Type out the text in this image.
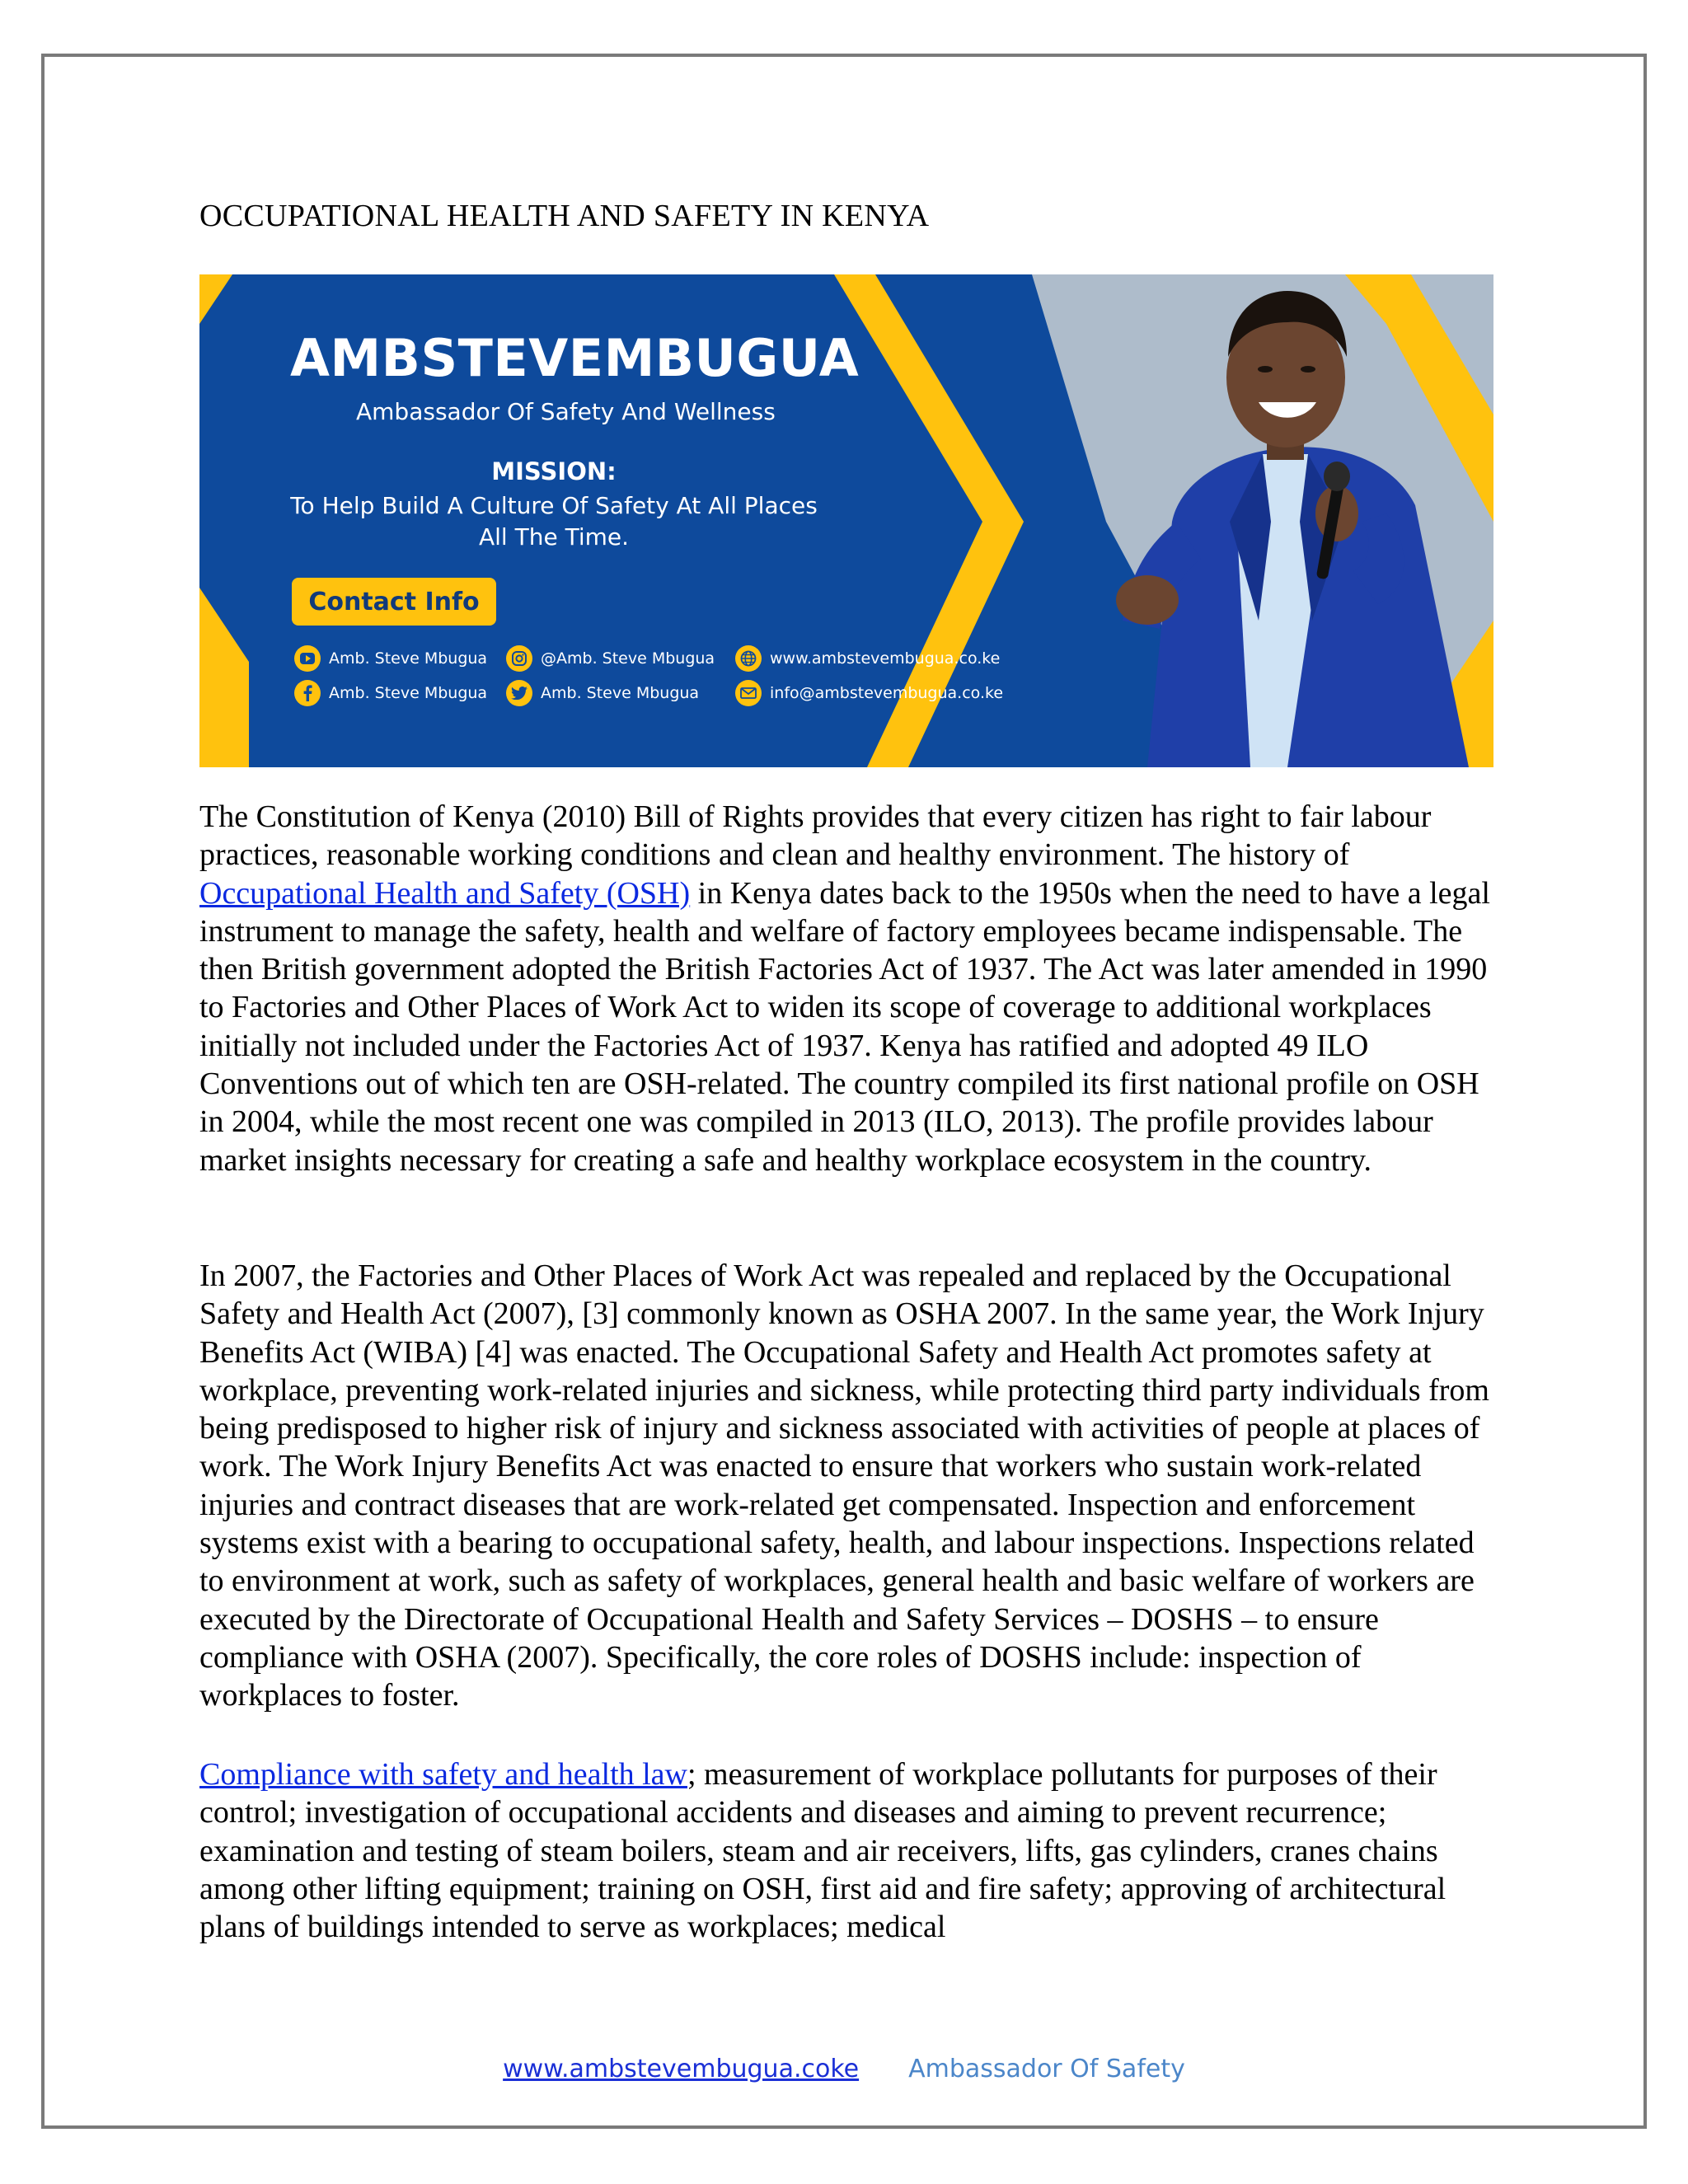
OCCUPATIONAL HEALTH AND SAFETY IN KENYA
AMBSTEVEMBUGUA
Ambassador Of Safety And Wellness
MISSION:
To Help Build A Culture Of Safety At All Places
All The Time.
Contact Info
Amb. Steve Mbugua
Amb. Steve Mbugua
@Amb. Steve Mbugua
Amb. Steve Mbugua
www.ambstevembugua.co.ke
info@ambstevembugua.co.ke

The Constitution of Kenya (2010) Bill of Rights provides that every citizen has right to fair labour practices, reasonable working conditions and clean and healthy environment. The history of Occupational Health and Safety (OSH) in Kenya dates back to the 1950s when the need to have a legal instrument to manage the safety, health and welfare of factory employees became indispensable. The then British government adopted the British Factories Act of 1937. The Act was later amended in 1990 to Factories and Other Places of Work Act to widen its scope of coverage to additional workplaces initially not included under the Factories Act of 1937. Kenya has ratified and adopted 49 ILO Conventions out of which ten are OSH-related. The country compiled its first national profile on OSH in 2004, while the most recent one was compiled in 2013 (ILO, 2013). The profile provides labour market insights necessary for creating a safe and healthy workplace ecosystem in the country.

In 2007, the Factories and Other Places of Work Act was repealed and replaced by the Occupational Safety and Health Act (2007), [3] commonly known as OSHA 2007. In the same year, the Work Injury Benefits Act (WIBA) [4] was enacted. The Occupational Safety and Health Act promotes safety at workplace, preventing work-related injuries and sickness, while protecting third party individuals from being predisposed to higher risk of injury and sickness associated with activities of people at places of work. The Work Injury Benefits Act was enacted to ensure that workers who sustain work-related injuries and contract diseases that are work-related get compensated. Inspection and enforcement systems exist with a bearing to occupational safety, health, and labour inspections. Inspections related to environment at work, such as safety of workplaces, general health and basic welfare of workers are executed by the Directorate of Occupational Health and Safety Services – DOSHS – to ensure compliance with OSHA (2007). Specifically, the core roles of DOSHS include: inspection of workplaces to foster.

Compliance with safety and health law; measurement of workplace pollutants for purposes of their control; investigation of occupational accidents and diseases and aiming to prevent recurrence; examination and testing of steam boilers, steam and air receivers, lifts, gas cylinders, cranes chains among other lifting equipment; training on OSH, first aid and fire safety; approving of architectural plans of buildings intended to serve as workplaces; medical

www.ambstevembugua.coke Ambassador Of Safety
